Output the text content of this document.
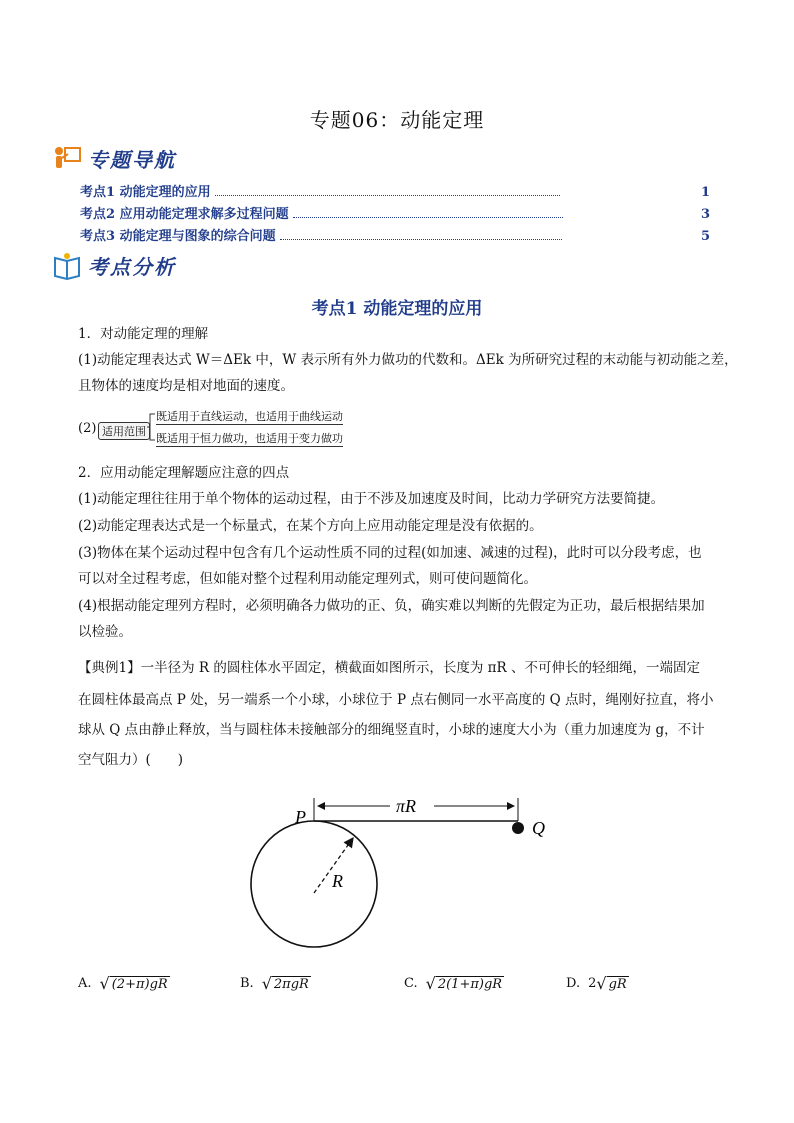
专题06：动能定理
专题导航
考点1 动能定理的应用	1
考点2 应用动能定理求解多过程问题	3
考点3 动能定理与图象的综合问题	5
考点分析
考点1 动能定理的应用
1．对动能定理的理解
(1)动能定理表达式 W＝ΔEk 中，W 表示所有外力做功的代数和。ΔEk 为所研究过程的末动能与初动能之差，
且物体的速度均是相对地面的速度。
(2) 适用范围
既适用于直线运动，也适用于曲线运动
既适用于恒力做功，也适用于变力做功
2．应用动能定理解题应注意的四点
(1)动能定理往往用于单个物体的运动过程，由于不涉及加速度及时间，比动力学研究方法要简捷。
(2)动能定理表达式是一个标量式，在某个方向上应用动能定理是没有依据的。
(3)物体在某个运动过程中包含有几个运动性质不同的过程(如加速、减速的过程)，此时可以分段考虑，也
可以对全过程考虑，但如能对整个过程利用动能定理列式，则可使问题简化。
(4)根据动能定理列方程时，必须明确各力做功的正、负，确实难以判断的先假定为正功，最后根据结果加
以检验。
【典例1】一半径为 R 的圆柱体水平固定，横截面如图所示，长度为 πR 、不可伸长的轻细绳，一端固定
在圆柱体最高点 P 处，另一端系一个小球，小球位于 P 点右侧同一水平高度的 Q 点时，绳刚好拉直，将小
球从 Q 点由静止释放，当与圆柱体未接触部分的细绳竖直时，小球的速度大小为（重力加速度为 g，不计
空气阻力）(　　)
P
Q
R
πR
A. √ (2+π)gR	B. √ 2πgR	C. √ 2(1+π)gR	D. 2 √ gR
